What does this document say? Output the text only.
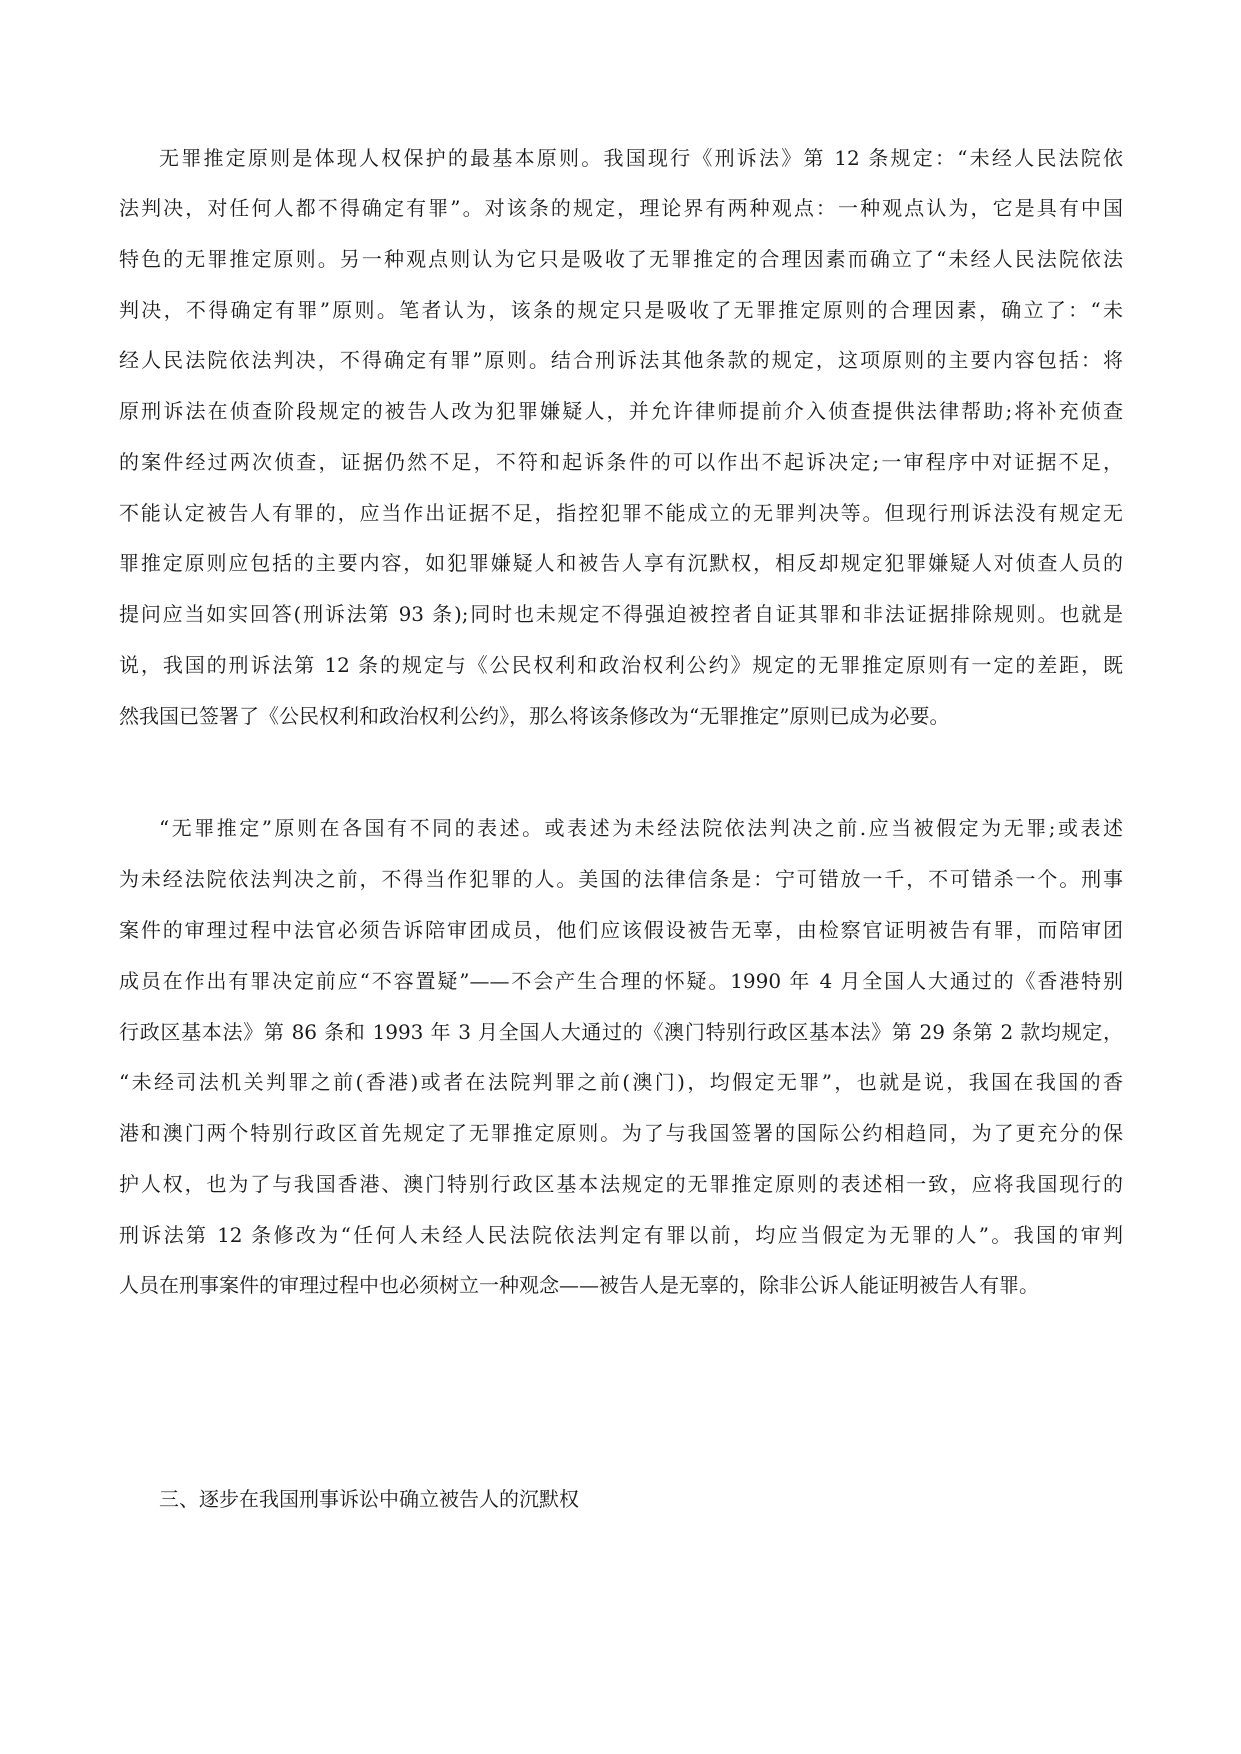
无罪推定原则是体现人权保护的最基本原则。我国现行《刑诉法》第 12 条规定：“未经人民法院依
法判决，对任何人都不得确定有罪”。对该条的规定，理论界有两种观点：一种观点认为，它是具有中国
特色的无罪推定原则。另一种观点则认为它只是吸收了无罪推定的合理因素而确立了“未经人民法院依法
判决，不得确定有罪”原则。笔者认为，该条的规定只是吸收了无罪推定原则的合理因素，确立了：“未
经人民法院依法判决，不得确定有罪”原则。结合刑诉法其他条款的规定，这项原则的主要内容包括：将
原刑诉法在侦查阶段规定的被告人改为犯罪嫌疑人，并允许律师提前介入侦查提供法律帮助;将补充侦查
的案件经过两次侦查，证据仍然不足，不符和起诉条件的可以作出不起诉决定;一审程序中对证据不足，
不能认定被告人有罪的，应当作出证据不足，指控犯罪不能成立的无罪判决等。但现行刑诉法没有规定无
罪推定原则应包括的主要内容，如犯罪嫌疑人和被告人享有沉默权，相反却规定犯罪嫌疑人对侦查人员的
提问应当如实回答(刑诉法第 93 条);同时也未规定不得强迫被控者自证其罪和非法证据排除规则。也就是
说，我国的刑诉法第 12 条的规定与《公民权利和政治权利公约》规定的无罪推定原则有一定的差距，既
然我国已签署了《公民权利和政治权利公约》，那么将该条修改为“无罪推定”原则已成为必要。
“无罪推定”原则在各国有不同的表述。或表述为未经法院依法判决之前.应当被假定为无罪;或表述
为未经法院依法判决之前，不得当作犯罪的人。美国的法律信条是：宁可错放一千，不可错杀一个。刑事
案件的审理过程中法官必须告诉陪审团成员，他们应该假设被告无辜，由检察官证明被告有罪，而陪审团
成员在作出有罪决定前应“不容置疑”——不会产生合理的怀疑。1990 年 4 月全国人大通过的《香港特别
行政区基本法》第 86 条和 1993 年 3 月全国人大通过的《澳门特别行政区基本法》第 29 条第 2 款均规定，
“未经司法机关判罪之前(香港)或者在法院判罪之前(澳门)，均假定无罪”，也就是说，我国在我国的香
港和澳门两个特别行政区首先规定了无罪推定原则。为了与我国签署的国际公约相趋同，为了更充分的保
护人权，也为了与我国香港、澳门特别行政区基本法规定的无罪推定原则的表述相一致，应将我国现行的
刑诉法第 12 条修改为“任何人未经人民法院依法判定有罪以前，均应当假定为无罪的人”。我国的审判
人员在刑事案件的审理过程中也必须树立一种观念——被告人是无辜的，除非公诉人能证明被告人有罪。
三、逐步在我国刑事诉讼中确立被告人的沉默权
